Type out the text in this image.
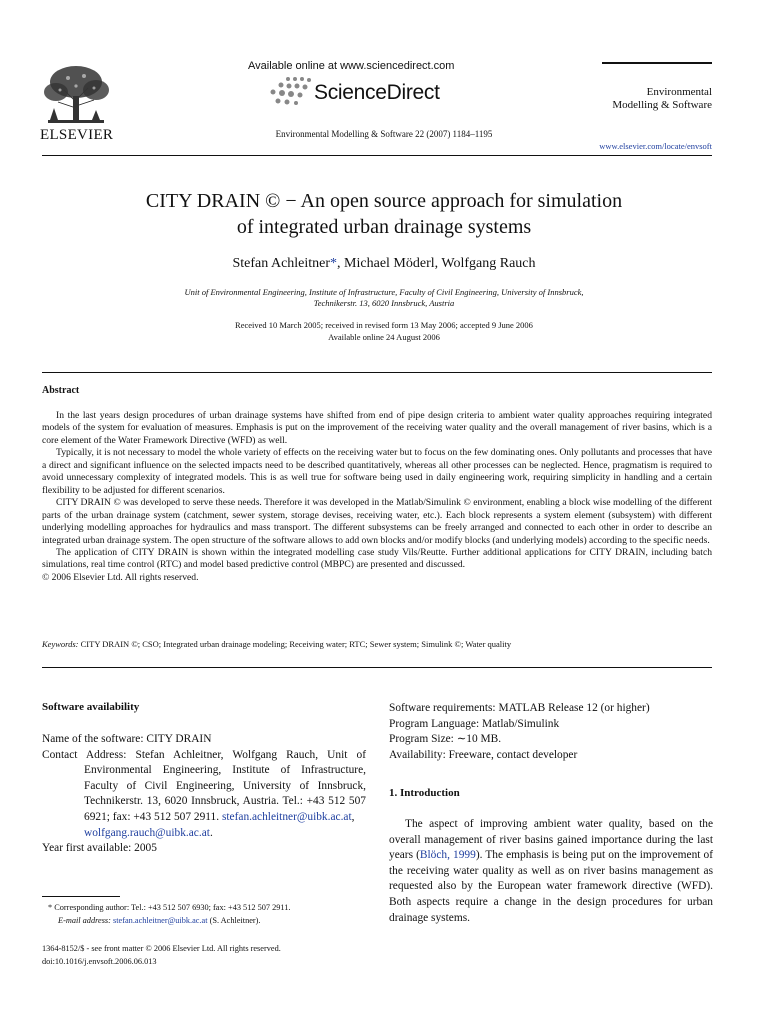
ELSEVIER
Available online at www.sciencedirect.com
ScienceDirect
Environmental Modelling & Software 22 (2007) 1184–1195
Environmental
Modelling & Software
www.elsevier.com/locate/envsoft
CITY DRAIN © − An open source approach for simulation
of integrated urban drainage systems
Stefan Achleitner*, Michael Möderl, Wolfgang Rauch
Unit of Environmental Engineering, Institute of Infrastructure, Faculty of Civil Engineering, University of Innsbruck,
Technikerstr. 13, 6020 Innsbruck, Austria
Received 10 March 2005; received in revised form 13 May 2006; accepted 9 June 2006
Available online 24 August 2006
Abstract

In the last years design procedures of urban drainage systems have shifted from end of pipe design criteria to ambient water quality approaches requiring integrated models of the system for evaluation of measures. Emphasis is put on the improvement of the receiving water quality and the overall management of river basins, which is a core element of the Water Framework Directive (WFD) as well.

Typically, it is not necessary to model the whole variety of effects on the receiving water but to focus on the few dominating ones. Only pollutants and processes that have a direct and significant influence on the selected impacts need to be described quantitatively, whereas all other processes can be neglected. Hence, pragmatism is required to avoid unnecessary complexity of integrated models. This is as well true for software being used in daily engineering work, requiring simplicity in handling and a certain flexibility to be adjusted for different scenarios.

CITY DRAIN © was developed to serve these needs. Therefore it was developed in the Matlab/Simulink © environment, enabling a block wise modelling of the different parts of the urban drainage system (catchment, sewer system, storage devises, receiving water, etc.). Each block represents a system element (subsystem) with different underlying modelling approaches for hydraulics and mass transport. The different subsystems can be freely arranged and connected to each other in order to describe an integrated urban drainage system. The open structure of the software allows to add own blocks and/or modify blocks (and underlying models) according to the specific needs.

The application of CITY DRAIN is shown within the integrated modelling case study Vils/Reutte. Further additional applications for CITY DRAIN, including batch simulations, real time control (RTC) and model based predictive control (MBPC) are presented and discussed.

© 2006 Elsevier Ltd. All rights reserved.

Keywords: CITY DRAIN ©; CSO; Integrated urban drainage modeling; Receiving water; RTC; Sewer system; Simulink ©; Water quality
Software availability
Name of the software: CITY DRAIN
Contact Address: Stefan Achleitner, Wolfgang Rauch, Unit of Environmental Engineering, Institute of Infrastructure, Faculty of Civil Engineering, University of Innsbruck, Technikerstr. 13, 6020 Innsbruck, Austria. Tel.: +43 512 507 6921; fax: +43 512 507 2911. stefan.achleitner@uibk.ac.at,
wolfgang.rauch@uibk.ac.at.
Year first available: 2005
* Corresponding author: Tel.: +43 512 507 6930; fax: +43 512 507 2911.
E-mail address: stefan.achleitner@uibk.ac.at (S. Achleitner).
1364-8152/$ - see front matter © 2006 Elsevier Ltd. All rights reserved.
doi:10.1016/j.envsoft.2006.06.013
Software requirements: MATLAB Release 12 (or higher)
Program Language: Matlab/Simulink
Program Size: ∼10 MB.
Availability: Freeware, contact developer
1. Introduction

The aspect of improving ambient water quality, based on the overall management of river basins gained importance during the last years (Blöch, 1999). The emphasis is being put on the improvement of the receiving water quality as well as on river basins management as requested also by the European water framework directive (WFD). Both aspects require a change in the design procedures for urban drainage systems.
